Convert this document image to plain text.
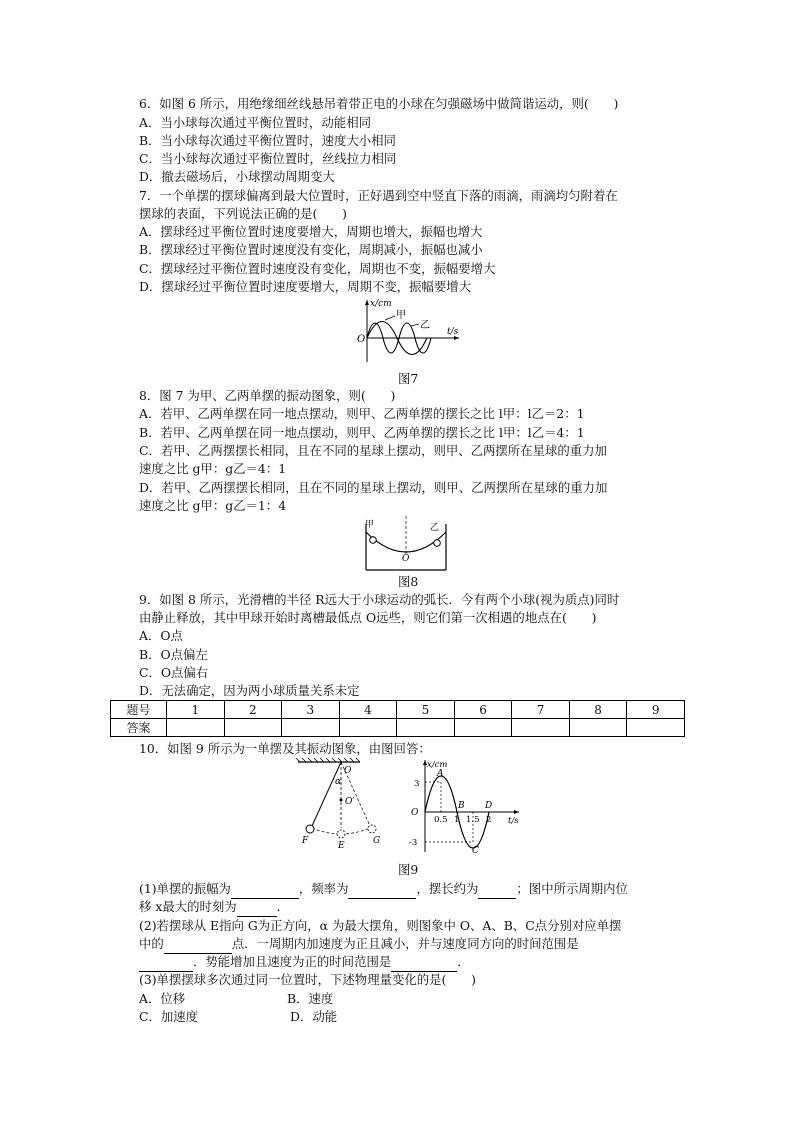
6．如图 6 所示，用绝缘细丝线悬吊着带正电的小球在匀强磁场中做简谐运动，则(　　)
A．当小球每次通过平衡位置时，动能相同
B．当小球每次通过平衡位置时，速度大小相同
C．当小球每次通过平衡位置时，丝线拉力相同
D．撤去磁场后，小球摆动周期变大
7．一个单摆的摆球偏离到最大位置时，正好遇到空中竖直下落的雨滴，雨滴均匀附着在
摆球的表面，下列说法正确的是(　　)
A．摆球经过平衡位置时速度要增大，周期也增大，振幅也增大
B．摆球经过平衡位置时速度没有变化，周期减小，振幅也减小
C．摆球经过平衡位置时速度没有变化，周期也不变，振幅要增大
D．摆球经过平衡位置时速度要增大，周期不变，振幅要增大
x/cm
t/s
O
甲
乙
图7
8．图 7 为甲、乙两单摆的振动图象，则(　　)
A．若甲、乙两单摆在同一地点摆动，则甲、乙两单摆的摆长之比 l甲：l乙＝2：1
B．若甲、乙两单摆在同一地点摆动，则甲、乙两单摆的摆长之比 l甲：l乙＝4：1
C．若甲、乙两摆摆长相同，且在不同的星球上摆动，则甲、乙两摆所在星球的重力加
速度之比 g甲：g乙＝4：1
D．若甲、乙两摆摆长相同，且在不同的星球上摆动，则甲、乙两摆所在星球的重力加
速度之比 g甲：g乙＝1：4
甲	乙
O
图8
9．如图 8 所示，光滑槽的半径 R远大于小球运动的弧长．今有两个小球(视为质点)同时
由静止释放，其中甲球开始时离槽最低点 O远些，则它们第一次相遇的地点在(　　)
A．O点
B．O点偏左
C．O点偏右
D．无法确定，因为两小球质量关系未定
题号	1	2	3	4	5	6	7	8	9
答案									
10．如图 9 所示为一单摆及其振动图象，由图回答：
O
α
O′
F	E	G
x/cm
t/s
O
A
B
C
D
3
-3
0.5 1 1.5 2
图9
(1)单摆的振幅为	，频率为	，摆长约为	；图中所示周期内位
移 x最大的时刻为	．
(2)若摆球从 E指向 G为正方向，α 为最大摆角，则图象中 O、A、B、C点分别对应单摆
中的	点．一周期内加速度为正且减小，并与速度同方向的时间范围是
．势能增加且速度为正的时间范围是	．
(3)单摆摆球多次通过同一位置时，下述物理量变化的是(　　)
A．位移	B．速度
C．加速度	D．动能
